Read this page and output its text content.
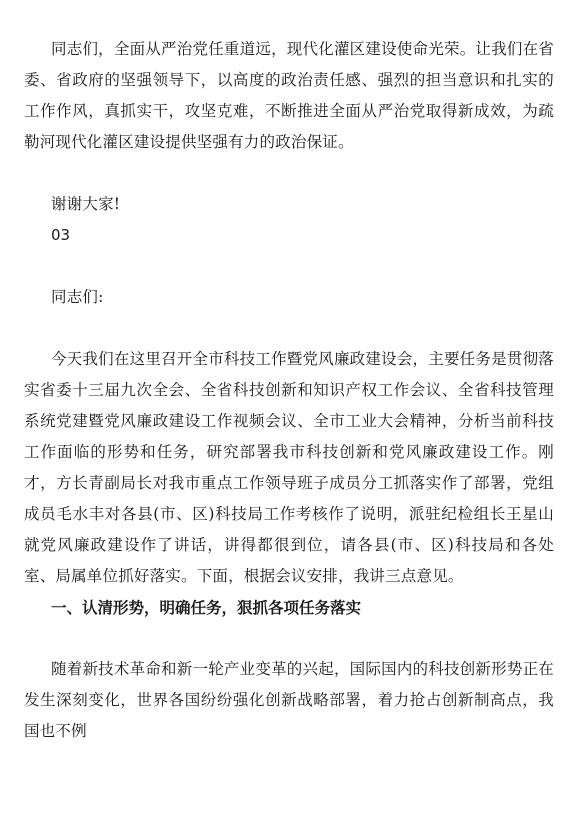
同志们，全面从严治党任重道远，现代化灌区建设使命光荣。让我们在省委、省政府的坚强领导下，以高度的政治责任感、强烈的担当意识和扎实的工作作风，真抓实干，攻坚克难，不断推进全面从严治党取得新成效，为疏勒河现代化灌区建设提供坚强有力的政治保证。

谢谢大家!

03

同志们:

今天我们在这里召开全市科技工作暨党风廉政建设会，主要任务是贯彻落实省委十三届九次全会、全省科技创新和知识产权工作会议、全省科技管理系统党建暨党风廉政建设工作视频会议、全市工业大会精神，分析当前科技工作面临的形势和任务，研究部署我市科技创新和党风廉政建设工作。刚才，方长青副局长对我市重点工作领导班子成员分工抓落实作了部署，党组成员毛水丰对各县(市、区)科技局工作考核作了说明，派驻纪检组长王星山就党风廉政建设作了讲话，讲得都很到位，请各县(市、区)科技局和各处室、局属单位抓好落实。下面，根据会议安排，我讲三点意见。

一、认清形势，明确任务，狠抓各项任务落实

随着新技术革命和新一轮产业变革的兴起，国际国内的科技创新形势正在发生深刻变化，世界各国纷纷强化创新战略部署，着力抢占创新制高点，我国也不例
